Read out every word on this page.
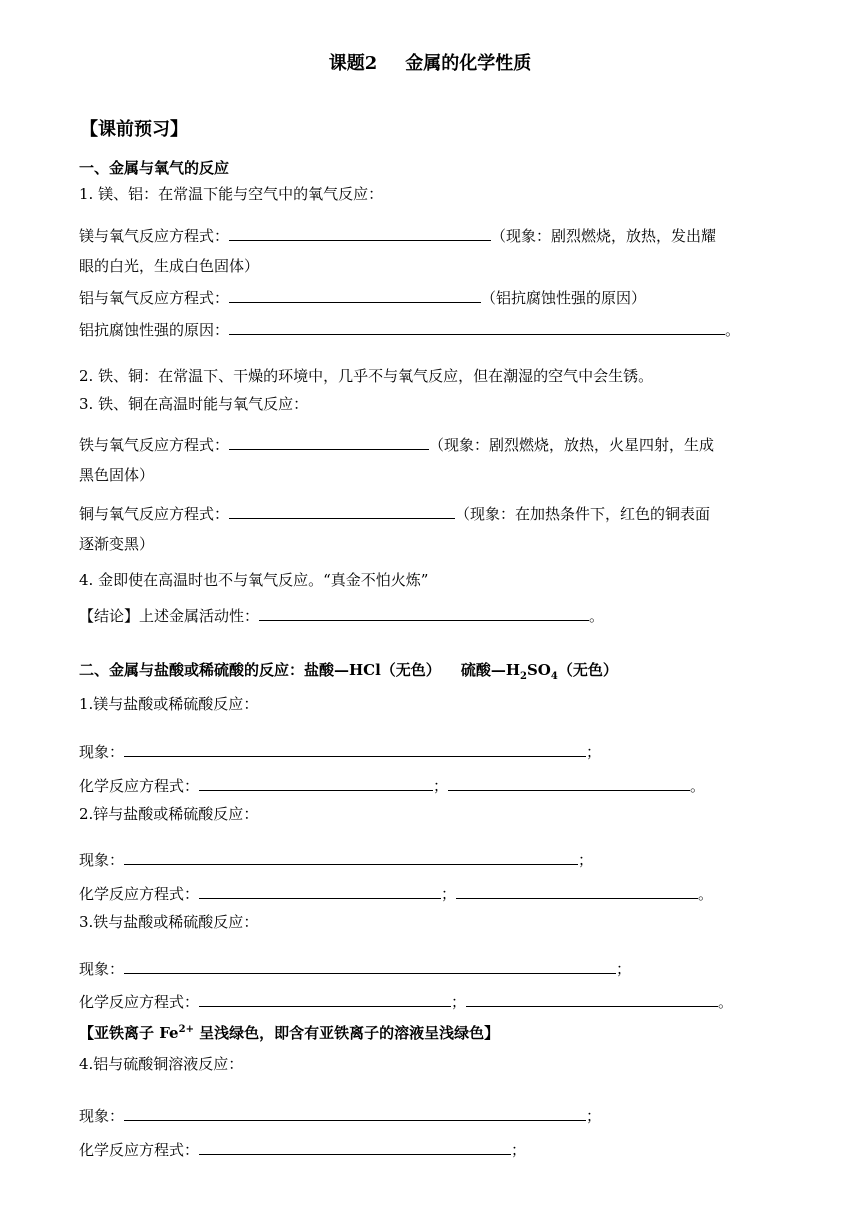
课题2 金属的化学性质
【课前预习】
一、金属与氧气的反应
1. 镁、铝：在常温下能与空气中的氧气反应：
镁与氧气反应方程式：	（现象：剧烈燃烧，放热，发出耀
眼的白光，生成白色固体）
铝与氧气反应方程式：	（铝抗腐蚀性强的原因）
铝抗腐蚀性强的原因：	。
2. 铁、铜：在常温下、干燥的环境中，几乎不与氧气反应，但在潮湿的空气中会生锈。
3. 铁、铜在高温时能与氧气反应：
铁与氧气反应方程式：	（现象：剧烈燃烧，放热，火星四射，生成
黑色固体）
铜与氧气反应方程式：	（现象：在加热条件下，红色的铜表面
逐渐变黑）
4. 金即使在高温时也不与氧气反应。“真金不怕火炼”
【结论】上述金属活动性：	。
二、金属与盐酸或稀硫酸的反应：盐酸—HCl（无色） 硫酸$—H_2SO_4$（无色）
1.镁与盐酸或稀硫酸反应：
现象：	；
化学反应方程式：	；	。
2.锌与盐酸或稀硫酸反应：
现象：	；
化学反应方程式：	；	。
3.铁与盐酸或稀硫酸反应：
现象：	；
化学反应方程式：	；	。
【亚铁离子 $Fe^{2+}$ 呈浅绿色，即含有亚铁离子的溶液呈浅绿色】
4.铝与硫酸铜溶液反应：
现象：	；
化学反应方程式：	；
